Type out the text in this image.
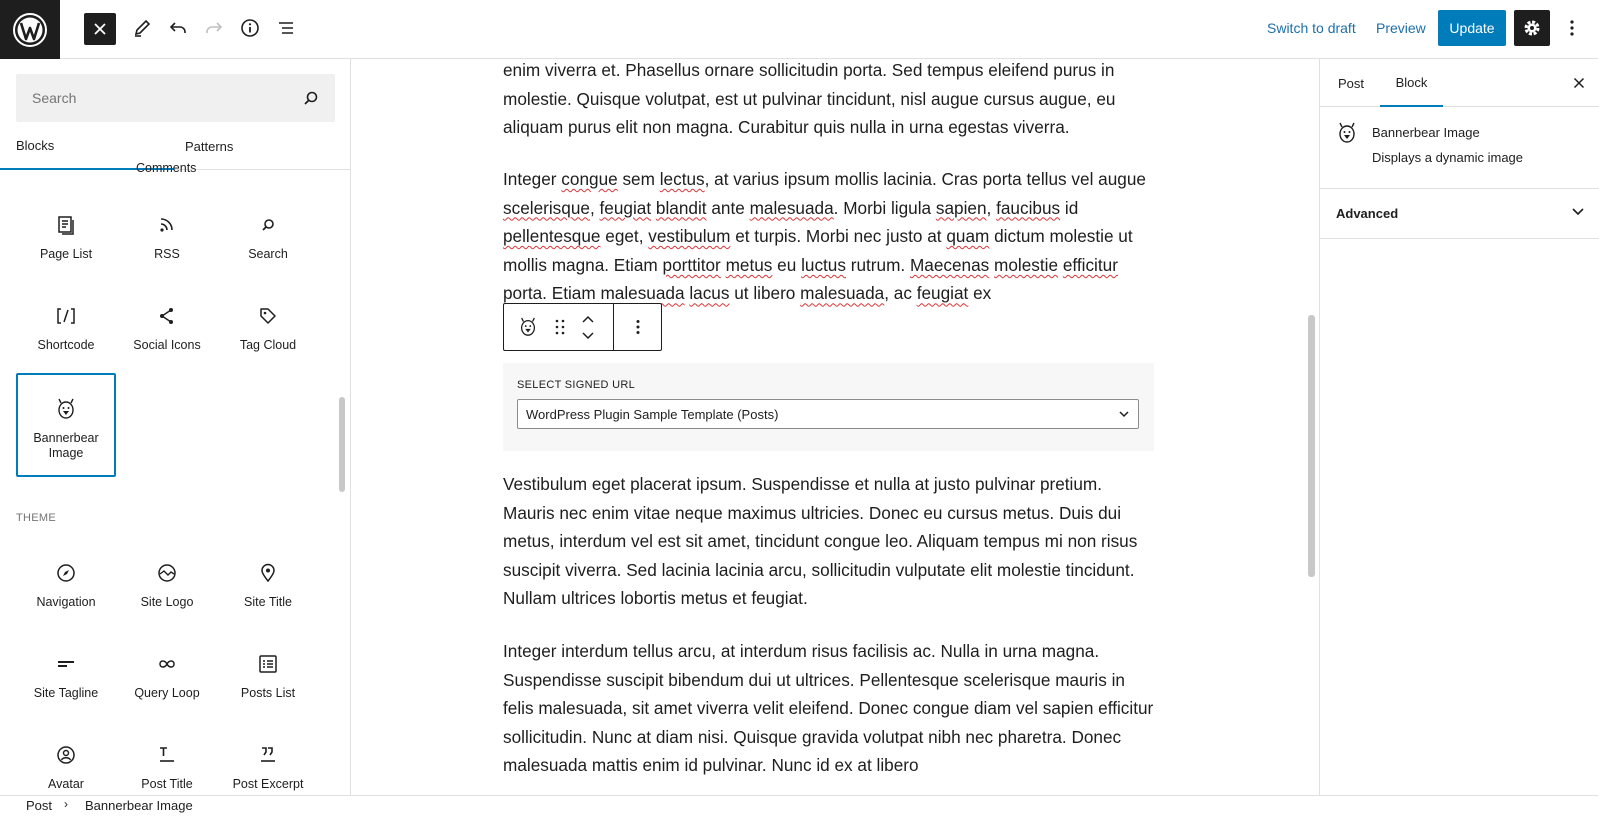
Switch to draft Preview	Update
Search
Blocks	Patterns
Comments
Page List	RSS	Search
Shortcode	Social Icons	Tag Cloud
Bannerbear Image
THEME
Navigation	Site Logo	Site Title
Site Tagline	Query Loop	Posts List
Avatar	Post Title	Post Excerpt
enim viverra et. Phasellus ornare sollicitudin porta. Sed tempus eleifend purus in molestie. Quisque volutpat, est ut pulvinar tincidunt, nisl augue cursus augue, eu aliquam purus elit non magna. Curabitur quis nulla in urna egestas viverra.
Integer congue sem lectus, at varius ipsum mollis lacinia. Cras porta tellus vel augue scelerisque, feugiat blandit ante malesuada. Morbi ligula sapien, faucibus id pellentesque eget, vestibulum et turpis. Morbi nec justo at quam dictum molestie ut mollis magna. Etiam porttitor metus eu luctus rutrum. Maecenas molestie efficitur porta. Etiam malesuada lacus ut libero malesuada, ac feugiat ex
SELECT SIGNED URL
WordPress Plugin Sample Template (Posts)
Vestibulum eget placerat ipsum. Suspendisse et nulla at justo pulvinar pretium. Mauris nec enim vitae neque maximus ultricies. Donec eu cursus metus. Duis dui metus, interdum vel est sit amet, tincidunt congue leo. Aliquam tempus mi non risus suscipit viverra. Sed lacinia lacinia arcu, sollicitudin vulputate elit molestie tincidunt. Nullam ultrices lobortis metus et feugiat.
Integer interdum tellus arcu, at interdum risus facilisis ac. Nulla in urna magna. Suspendisse suscipit bibendum dui ut ultrices. Pellentesque scelerisque mauris in felis malesuada, sit amet viverra velit eleifend. Donec congue diam vel sapien efficitur sollicitudin. Nunc at diam nisi. Quisque gravida volutpat nibh nec pharetra. Donec malesuada mattis enim id pulvinar. Nunc id ex at libero
Post	Block
Bannerbear Image
Displays a dynamic image
Advanced
Post › Bannerbear Image
